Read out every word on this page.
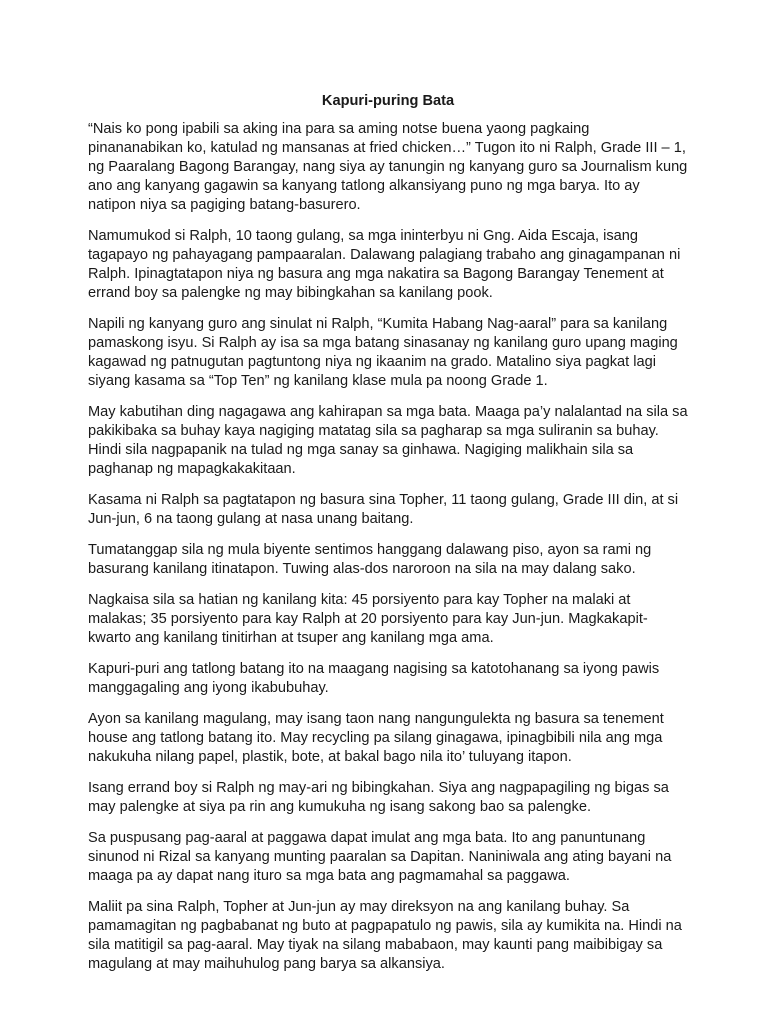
Kapuri-puring Bata

“Nais ko pong ipabili sa aking ina para sa aming notse buena yaong pagkaing pinananabikan ko, katulad ng mansanas at fried chicken…” Tugon ito ni Ralph, Grade III – 1, ng Paaralang Bagong Barangay, nang siya ay tanungin ng kanyang guro sa Journalism kung ano ang kanyang gagawin sa kanyang tatlong alkansiyang puno ng mga barya. Ito ay natipon niya sa pagiging batang-basurero.

Namumukod si Ralph, 10 taong gulang, sa mga ininterbyu ni Gng. Aida Escaja, isang tagapayo ng pahayagang pampaaralan. Dalawang palagiang trabaho ang ginagampanan ni Ralph. Ipinagtatapon niya ng basura ang mga nakatira sa Bagong Barangay Tenement at errand boy sa palengke ng may bibingkahan sa kanilang pook.

Napili ng kanyang guro ang sinulat ni Ralph, “Kumita Habang Nag-aaral” para sa kanilang pamaskong isyu. Si Ralph ay isa sa mga batang sinasanay ng kanilang guro upang maging kagawad ng patnugutan pagtuntong niya ng ikaanim na grado. Matalino siya pagkat lagi siyang kasama sa “Top Ten” ng kanilang klase mula pa noong Grade 1.

May kabutihan ding nagagawa ang kahirapan sa mga bata. Maaga pa’y nalalantad na sila sa pakikibaka sa buhay kaya nagiging matatag sila sa pagharap sa mga suliranin sa buhay. Hindi sila nagpapanik na tulad ng mga sanay sa ginhawa. Nagiging malikhain sila sa paghanap ng mapagkakakitaan.

Kasama ni Ralph sa pagtatapon ng basura sina Topher, 11 taong gulang, Grade III din, at si Jun-jun, 6 na taong gulang at nasa unang baitang.

Tumatanggap sila ng mula biyente sentimos hanggang dalawang piso, ayon sa rami ng basurang kanilang itinatapon. Tuwing alas-dos naroroon na sila na may dalang sako.

Nagkaisa sila sa hatian ng kanilang kita: 45 porsiyento para kay Topher na malaki at malakas; 35 porsiyento para kay Ralph at 20 porsiyento para kay Jun-jun. Magkakapit-kwarto ang kanilang tinitirhan at tsuper ang kanilang mga ama.

Kapuri-puri ang tatlong batang ito na maagang nagising sa katotohanang sa iyong pawis manggagaling ang iyong ikabubuhay.

Ayon sa kanilang magulang, may isang taon nang nangungulekta ng basura sa tenement house ang tatlong batang ito. May recycling pa silang ginagawa, ipinagbibili nila ang mga nakukuha nilang papel, plastik, bote, at bakal bago nila ito’ tuluyang itapon.

Isang errand boy si Ralph ng may-ari ng bibingkahan. Siya ang nagpapagiling ng bigas sa may palengke at siya pa rin ang kumukuha ng isang sakong bao sa palengke.

Sa puspusang pag-aaral at paggawa dapat imulat ang mga bata. Ito ang panuntunang sinunod ni Rizal sa kanyang munting paaralan sa Dapitan. Naniniwala ang ating bayani na maaga pa ay dapat nang ituro sa mga bata ang pagmamahal sa paggawa.

Maliit pa sina Ralph, Topher at Jun-jun ay may direksyon na ang kanilang buhay. Sa pamamagitan ng pagbabanat ng buto at pagpapatulo ng pawis, sila ay kumikita na. Hindi na sila matitigil sa pag-aaral. May tiyak na silang mababaon, may kaunti pang maibibigay sa magulang at may maihuhulog pang barya sa alkansiya.
